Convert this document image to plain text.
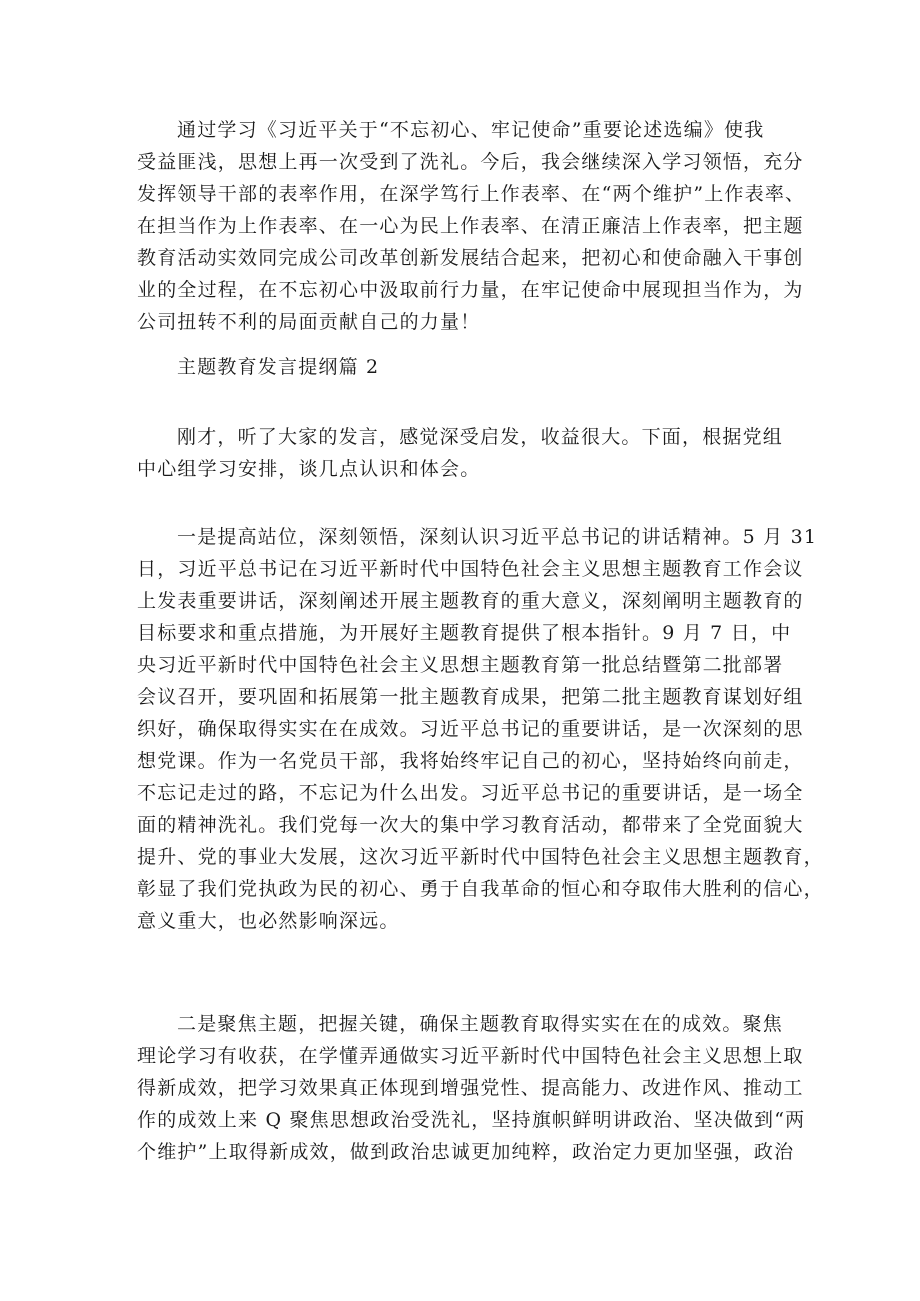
通过学习《习近平关于“不忘初心、牢记使命”重要论述选编》使我
受益匪浅，思想上再一次受到了洗礼。今后，我会继续深入学习领悟，充分
发挥领导干部的表率作用，在深学笃行上作表率、在“两个维护”上作表率、
在担当作为上作表率、在一心为民上作表率、在清正廉洁上作表率，把主题
教育活动实效同完成公司改革创新发展结合起来，把初心和使命融入干事创
业的全过程，在不忘初心中汲取前行力量，在牢记使命中展现担当作为，为
公司扭转不利的局面贡献自己的力量！
主题教育发言提纲篇 2
刚才，听了大家的发言，感觉深受启发，收益很大。下面，根据党组
中心组学习安排，谈几点认识和体会。
一是提高站位，深刻领悟，深刻认识习近平总书记的讲话精神。5 月 31
日，习近平总书记在习近平新时代中国特色社会主义思想主题教育工作会议
上发表重要讲话，深刻阐述开展主题教育的重大意义，深刻阐明主题教育的
目标要求和重点措施，为开展好主题教育提供了根本指针。9 月 7 日，中
央习近平新时代中国特色社会主义思想主题教育第一批总结暨第二批部署
会议召开，要巩固和拓展第一批主题教育成果，把第二批主题教育谋划好组
织好，确保取得实实在在成效。习近平总书记的重要讲话，是一次深刻的思
想党课。作为一名党员干部，我将始终牢记自己的初心，坚持始终向前走，
不忘记走过的路，不忘记为什么出发。习近平总书记的重要讲话，是一场全
面的精神洗礼。我们党每一次大的集中学习教育活动，都带来了全党面貌大
提升、党的事业大发展，这次习近平新时代中国特色社会主义思想主题教育，
彰显了我们党执政为民的初心、勇于自我革命的恒心和夺取伟大胜利的信心，
意义重大，也必然影响深远。
二是聚焦主题，把握关键，确保主题教育取得实实在在的成效。聚焦
理论学习有收获，在学懂弄通做实习近平新时代中国特色社会主义思想上取
得新成效，把学习效果真正体现到增强党性、提高能力、改进作风、推动工
作的成效上来 Q 聚焦思想政治受洗礼，坚持旗帜鲜明讲政治、坚决做到“两
个维护”上取得新成效，做到政治忠诚更加纯粹，政治定力更加坚强，政治
